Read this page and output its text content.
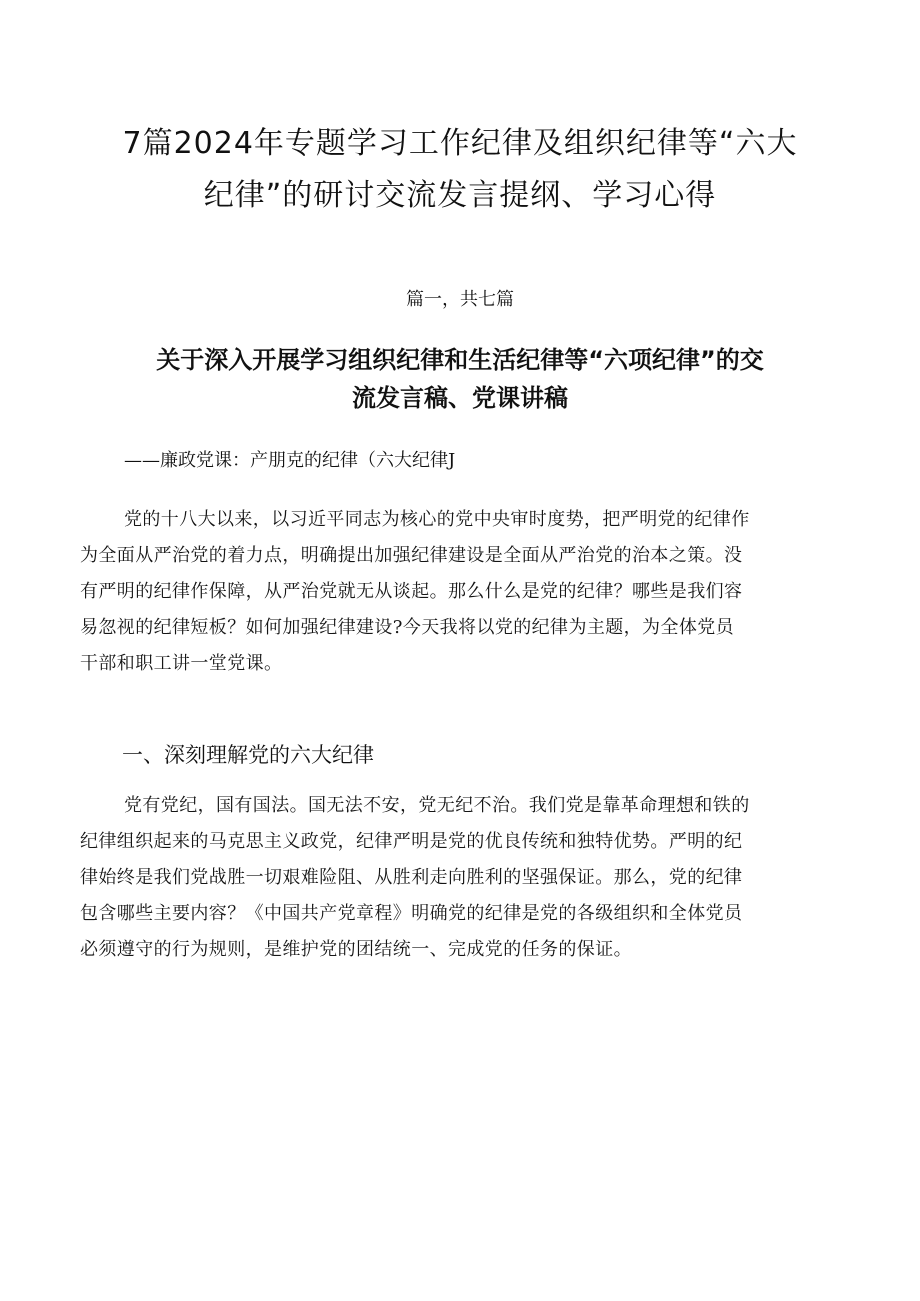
7篇2024年专题学习工作纪律及组织纪律等“六大
纪律”的研讨交流发言提纲、学习心得
篇一，共七篇
关于深入开展学习组织纪律和生活纪律等“六项纪律”的交
流发言稿、党课讲稿
——廉政党课：产朋克的纪律（六大纪律J

党的十八大以来，以习近平同志为核心的党中央审时度势，把严明党的纪律作
为全面从严治党的着力点，明确提出加强纪律建设是全面从严治党的治本之策。没
有严明的纪律作保障，从严治党就无从谈起。那么什么是党的纪律？哪些是我们容
易忽视的纪律短板？如何加强纪律建设?今天我将以党的纪律为主题，为全体党员
干部和职工讲一堂党课。

一、深刻理解党的六大纪律

党有党纪，国有国法。国无法不安，党无纪不治。我们党是靠革命理想和铁的
纪律组织起来的马克思主义政党，纪律严明是党的优良传统和独特优势。严明的纪
律始终是我们党战胜一切艰难险阻、从胜利走向胜利的坚强保证。那么，党的纪律
包含哪些主要内容？《中国共产党章程》明确党的纪律是党的各级组织和全体党员
必须遵守的行为规则，是维护党的团结统一、完成党的任务的保证。
